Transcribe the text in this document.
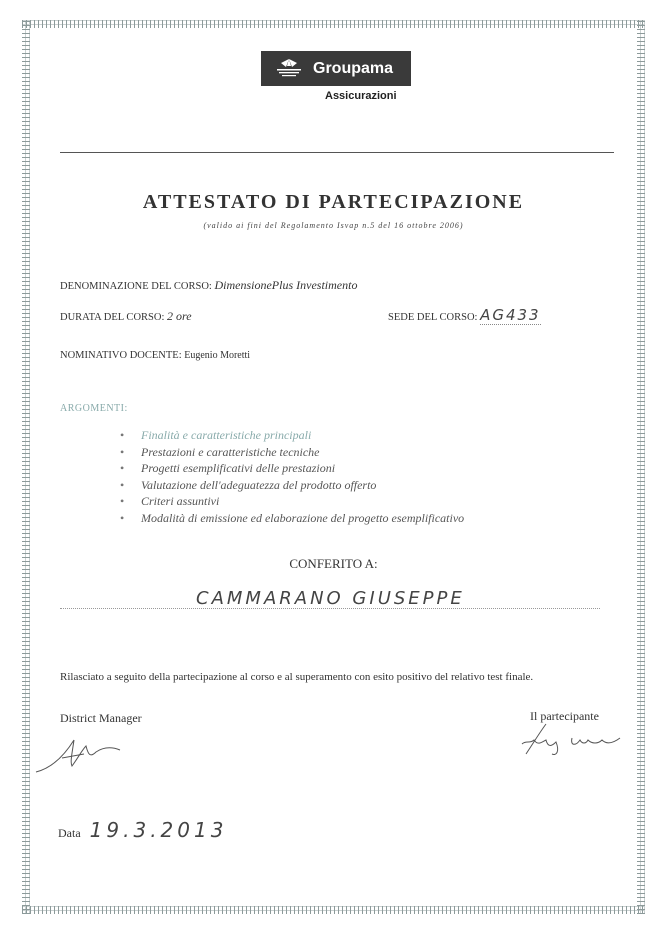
Groupama
Assicurazioni
ATTESTATO DI PARTECIPAZIONE
(valido ai fini del Regolamento Isvap n.5 del 16 ottobre 2006)
DENOMINAZIONE DEL CORSO: DimensionePlus Investimento
DURATA DEL CORSO: 2 ore	SEDE DEL CORSO: AG433
NOMINATIVO DOCENTE: Eugenio Moretti
ARGOMENTI:
• Finalità e caratteristiche principali
• Prestazioni e caratteristiche tecniche
• Progetti esemplificativi delle prestazioni
• Valutazione dell'adeguatezza del prodotto offerto
• Criteri assuntivi
• Modalità di emissione ed elaborazione del progetto esemplificativo
CONFERITO A:
CAMMARANO GIUSEPPE
Rilasciato a seguito della partecipazione al corso e al superamento con esito positivo del relativo test finale.
District Manager	Il partecipante
Data 19.3.2013
